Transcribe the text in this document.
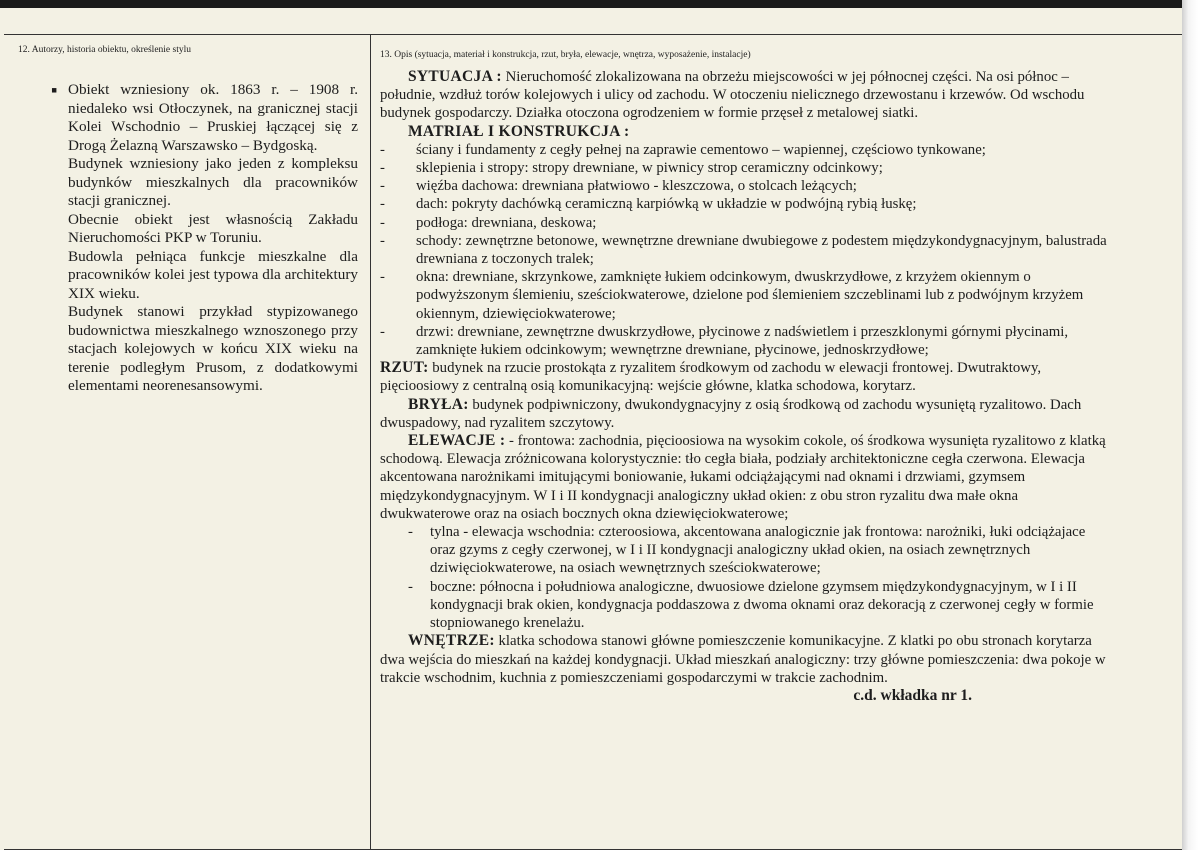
12. Autorzy, historia obiektu, określenie stylu	13. Opis (sytuacja, materiał i konstrukcja, rzut, bryła, elewacje, wnętrza, wyposażenie, instalacje)
▪ Obiekt wzniesiony ok. 1863 r. – 1908 r. niedaleko wsi Otłoczynek, na granicznej stacji Kolei Wschodnio – Pruskiej łączącej się z Drogą Żelazną Warszawsko – Bydgoską.

Budynek wzniesiony jako jeden z kompleksu budynków mieszkalnych dla pracowników stacji granicznej.

Obecnie obiekt jest własnością Zakładu Nieruchomości PKP w Toruniu.

Budowla pełniąca funkcje mieszkalne dla pracowników kolei jest typowa dla architektury XIX wieku.

Budynek stanowi przykład stypizowanego budownictwa mieszkalnego wznoszonego przy stacjach kolejowych w końcu XIX wieku na terenie podległym Prusom, z dodatkowymi elementami neorenesansowymi.

SYTUACJA : Nieruchomość zlokalizowana na obrzeżu miejscowości w jej północnej części. Na osi północ – południe, wzdłuż torów kolejowych i ulicy od zachodu. W otoczeniu nielicznego drzewostanu i krzewów. Od wschodu budynek gospodarczy. Działka otoczona ogrodzeniem w formie przęseł z metalowej siatki.

MATRIAŁ I KONSTRUKCJA :

- ściany i fundamenty z cegły pełnej na zaprawie cementowo – wapiennej, częściowo tynkowane;
- sklepienia i stropy: stropy drewniane, w piwnicy strop ceramiczny odcinkowy;
- więźba dachowa: drewniana płatwiowo - kleszczowa, o stolcach leżących;
- dach: pokryty dachówką ceramiczną karpiówką w układzie w podwójną rybią łuskę;
- podłoga: drewniana, deskowa;
- schody: zewnętrzne betonowe, wewnętrzne drewniane dwubiegowe z podestem międzykondygnacyjnym, balustrada drewniana z toczonych tralek;
- okna: drewniane, skrzynkowe, zamknięte łukiem odcinkowym, dwuskrzydłowe, z krzyżem okiennym o podwyższonym ślemieniu, sześciokwaterowe, dzielone pod ślemieniem szczeblinami lub z podwójnym krzyżem okiennym, dziewięciokwaterowe;
- drzwi: drewniane, zewnętrzne dwuskrzydłowe, płycinowe z nadświetlem i przeszklonymi górnymi płycinami, zamknięte łukiem odcinkowym; wewnętrzne drewniane, płycinowe, jednoskrzydłowe;

RZUT: budynek na rzucie prostokąta z ryzalitem środkowym od zachodu w elewacji frontowej. Dwutraktowy, pięcioosiowy z centralną osią komunikacyjną: wejście główne, klatka schodowa, korytarz.

BRYŁA: budynek podpiwniczony, dwukondygnacyjny z osią środkową od zachodu wysuniętą ryzalitowo. Dach dwuspadowy, nad ryzalitem szczytowy.

ELEWACJE : - frontowa: zachodnia, pięcioosiowa na wysokim cokole, oś środkowa wysunięta ryzalitowo z klatką schodową. Elewacja zróżnicowana kolorystycznie: tło cegła biała, podziały architektoniczne cegła czerwona. Elewacja akcentowana narożnikami imitującymi boniowanie, łukami odciążającymi nad oknami i drzwiami, gzymsem międzykondygnacyjnym. W I i II kondygnacji analogiczny układ okien: z obu stron ryzalitu dwa małe okna dwukwaterowe oraz na osiach bocznych okna dziewięciokwaterowe;

- tylna - elewacja wschodnia: czteroosiowa, akcentowana analogicznie jak frontowa: narożniki, łuki odciążajace oraz gzyms z cegły czerwonej, w I i II kondygnacji analogiczny układ okien, na osiach zewnętrznych dziwięciokwaterowe, na osiach wewnętrznych sześciokwaterowe;
- boczne: północna i południowa analogiczne, dwuosiowe dzielone gzymsem międzykondygnacyjnym, w I i II kondygnacji brak okien, kondygnacja poddaszowa z dwoma oknami oraz dekoracją z czerwonej cegły w formie stopniowanego krenelażu.

WNĘTRZE: klatka schodowa stanowi główne pomieszczenie komunikacyjne. Z klatki po obu stronach korytarza dwa wejścia do mieszkań na każdej kondygnacji. Układ mieszkań analogiczny: trzy główne pomieszczenia: dwa pokoje w trakcie wschodnim, kuchnia z pomieszczeniami gospodarczymi w trakcie zachodnim.

c.d. wkładka nr 1.
